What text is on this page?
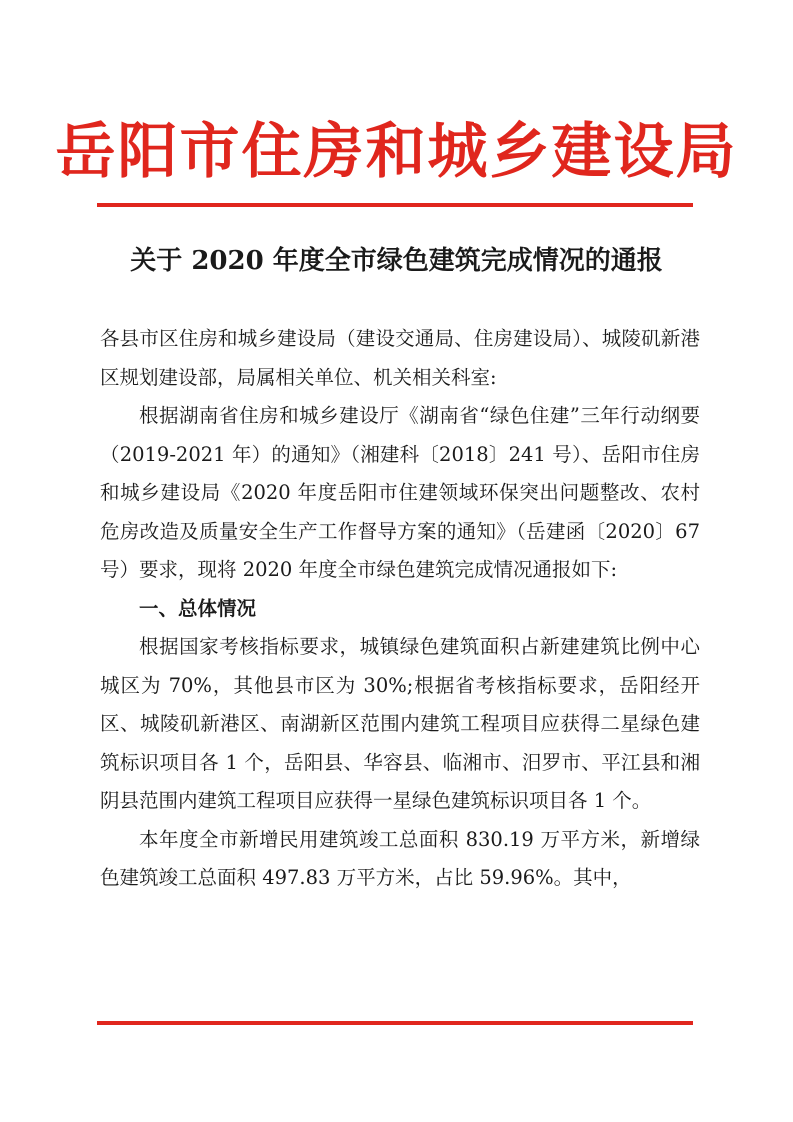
岳阳市住房和城乡建设局
关于 2020 年度全市绿色建筑完成情况的通报

各县市区住房和城乡建设局（建设交通局、住房建设局）、城陵矶新港区规划建设部，局属相关单位、机关相关科室:

根据湖南省住房和城乡建设厅《湖南省“绿色住建”三年行动纲要（2019-2021 年）的通知》（湘建科〔2018〕241 号）、岳阳市住房和城乡建设局《2020 年度岳阳市住建领域环保突出问题整改、农村危房改造及质量安全生产工作督导方案的通知》（岳建函〔2020〕67 号）要求，现将 2020 年度全市绿色建筑完成情况通报如下:

一、总体情况

根据国家考核指标要求，城镇绿色建筑面积占新建建筑比例中心城区为 70%，其他县市区为 30%;根据省考核指标要求，岳阳经开区、城陵矶新港区、南湖新区范围内建筑工程项目应获得二星绿色建筑标识项目各 1 个，岳阳县、华容县、临湘市、汨罗市、平江县和湘阴县范围内建筑工程项目应获得一星绿色建筑标识项目各 1 个。

本年度全市新增民用建筑竣工总面积 830.19 万平方米，新增绿色建筑竣工总面积 497.83 万平方米，占比 59.96%。其中，
